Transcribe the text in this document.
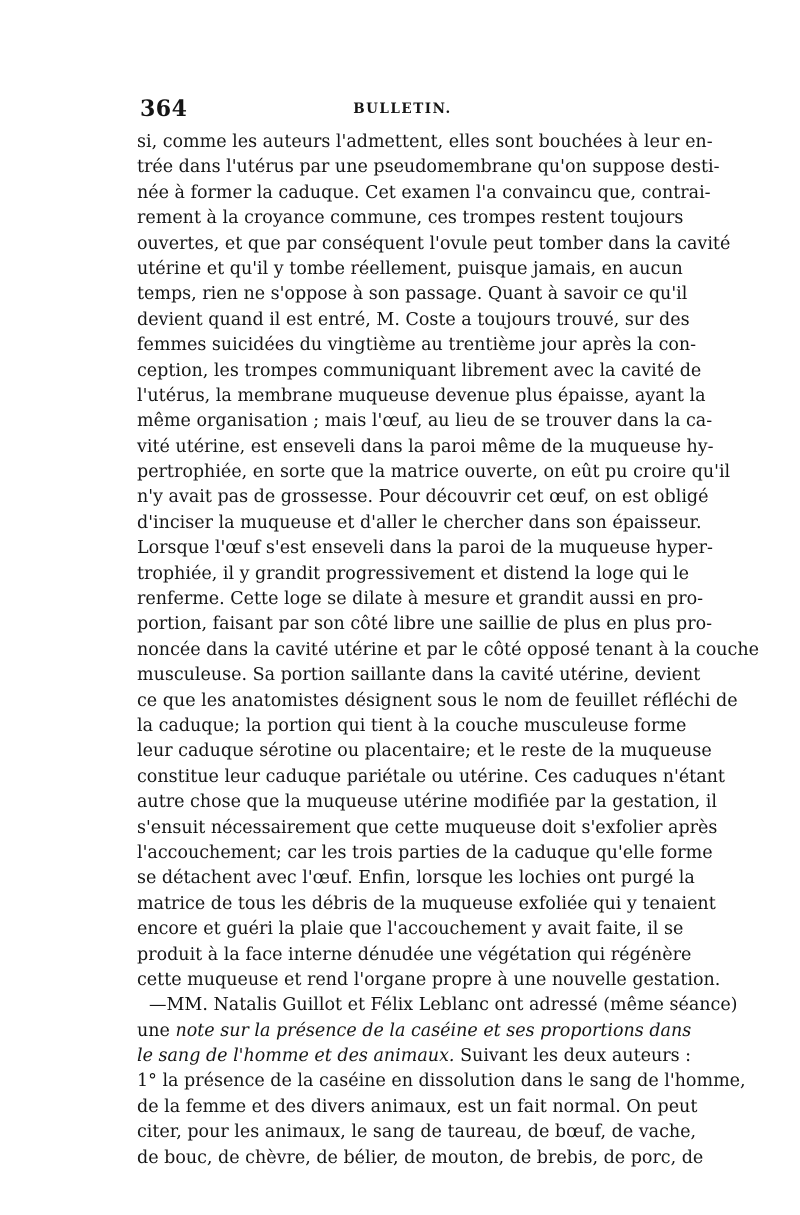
364	BULLETIN.
si, comme les auteurs l'admettent, elles sont bouchées à leur en-
trée dans l'utérus par une pseudomembrane qu'on suppose desti-
née à former la caduque. Cet examen l'a convaincu que, contrai-
rement à la croyance commune, ces trompes restent toujours
ouvertes, et que par conséquent l'ovule peut tomber dans la cavité
utérine et qu'il y tombe réellement, puisque jamais, en aucun
temps, rien ne s'oppose à son passage. Quant à savoir ce qu'il
devient quand il est entré, M. Coste a toujours trouvé, sur des
femmes suicidées du vingtième au trentième jour après la con-
ception, les trompes communiquant librement avec la cavité de
l'utérus, la membrane muqueuse devenue plus épaisse, ayant la
même organisation ; mais l'œuf, au lieu de se trouver dans la ca-
vité utérine, est enseveli dans la paroi même de la muqueuse hy-
pertrophiée, en sorte que la matrice ouverte, on eût pu croire qu'il
n'y avait pas de grossesse. Pour découvrir cet œuf, on est obligé
d'inciser la muqueuse et d'aller le chercher dans son épaisseur.
Lorsque l'œuf s'est enseveli dans la paroi de la muqueuse hyper-
trophiée, il y grandit progressivement et distend la loge qui le
renferme. Cette loge se dilate à mesure et grandit aussi en pro-
portion, faisant par son côté libre une saillie de plus en plus pro-
noncée dans la cavité utérine et par le côté opposé tenant à la couche
musculeuse. Sa portion saillante dans la cavité utérine, devient
ce que les anatomistes désignent sous le nom de feuillet réfléchi de
la caduque; la portion qui tient à la couche musculeuse forme
leur caduque sérotine ou placentaire; et le reste de la muqueuse
constitue leur caduque pariétale ou utérine. Ces caduques n'étant
autre chose que la muqueuse utérine modifiée par la gestation, il
s'ensuit nécessairement que cette muqueuse doit s'exfolier après
l'accouchement; car les trois parties de la caduque qu'elle forme
se détachent avec l'œuf. Enfin, lorsque les lochies ont purgé la
matrice de tous les débris de la muqueuse exfoliée qui y tenaient
encore et guéri la plaie que l'accouchement y avait faite, il se
produit à la face interne dénudée une végétation qui régénère
cette muqueuse et rend l'organe propre à une nouvelle gestation.
—MM. Natalis Guillot et Félix Leblanc ont adressé (même séance)
une note sur la présence de la caséine et ses proportions dans
le sang de l'homme et des animaux. Suivant les deux auteurs :
1° la présence de la caséine en dissolution dans le sang de l'homme,
de la femme et des divers animaux, est un fait normal. On peut
citer, pour les animaux, le sang de taureau, de bœuf, de vache,
de bouc, de chèvre, de bélier, de mouton, de brebis, de porc, de
